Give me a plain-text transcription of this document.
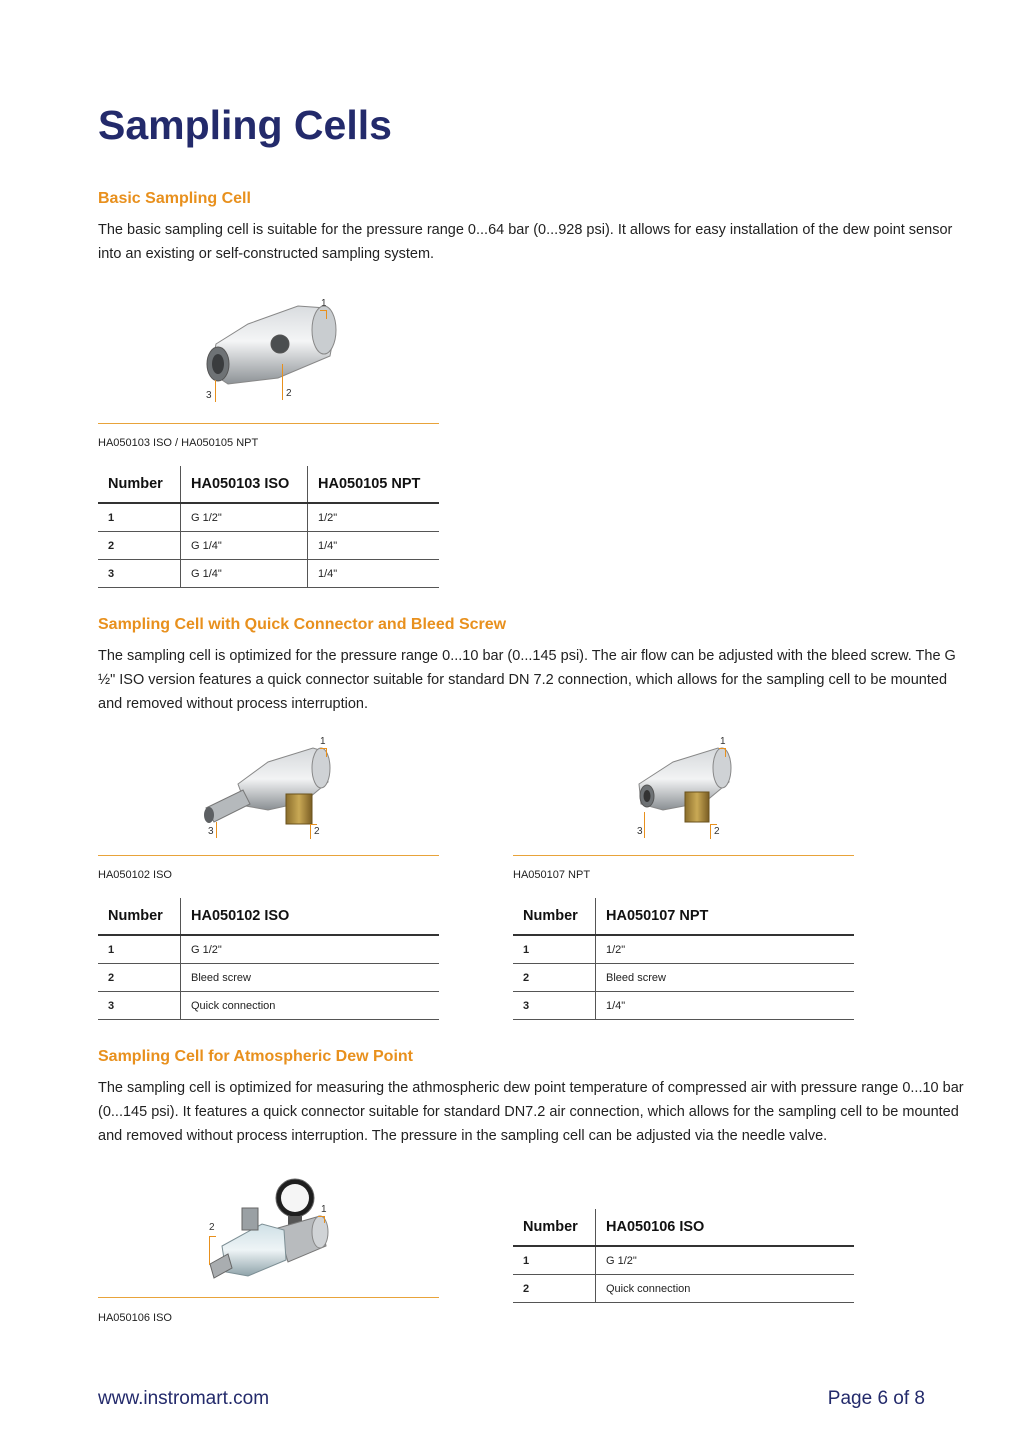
Sampling Cells
Basic Sampling Cell

The basic sampling cell is suitable for the pressure range 0...64 bar (0...928 psi). It allows for easy installation of the dew point sensor into an existing or self-constructed sampling system.

1
2
3
HA050103 ISO / HA050105 NPT
Number	HA050103 ISO	HA050105 NPT
1	G 1/2"	1/2"
2	G 1/4"	1/4"
3	G 1/4"	1/4"
Sampling Cell with Quick Connector and Bleed Screw

The sampling cell is optimized for the pressure range 0...10 bar (0...145 psi). The air flow can be adjusted with the bleed screw. The G ½" ISO version features a quick connector suitable for standard DN 7.2 connection, which allows for the sampling cell to be mounted and removed without process interruption.

1
2
3
HA050102 ISO
1
2
3
HA050107 NPT
Number	HA050102 ISO
1	G 1/2"
2	Bleed screw
3	Quick connection
Number	HA050107 NPT
1	1/2"
2	Bleed screw
3	1/4"
Sampling Cell for Atmospheric Dew Point

The sampling cell is optimized for measuring the athmospheric dew point temperature of compressed air with pressure range 0...10 bar (0...145 psi). It features a quick connector suitable for standard DN7.2 air connection, which allows for the sampling cell to be mounted and removed without process interruption. The pressure in the sampling cell can be adjusted via the needle valve.

1
2
HA050106 ISO
Number	HA050106 ISO
1	G 1/2"
2	Quick connection
www.instromart.com	Page 6 of 8
